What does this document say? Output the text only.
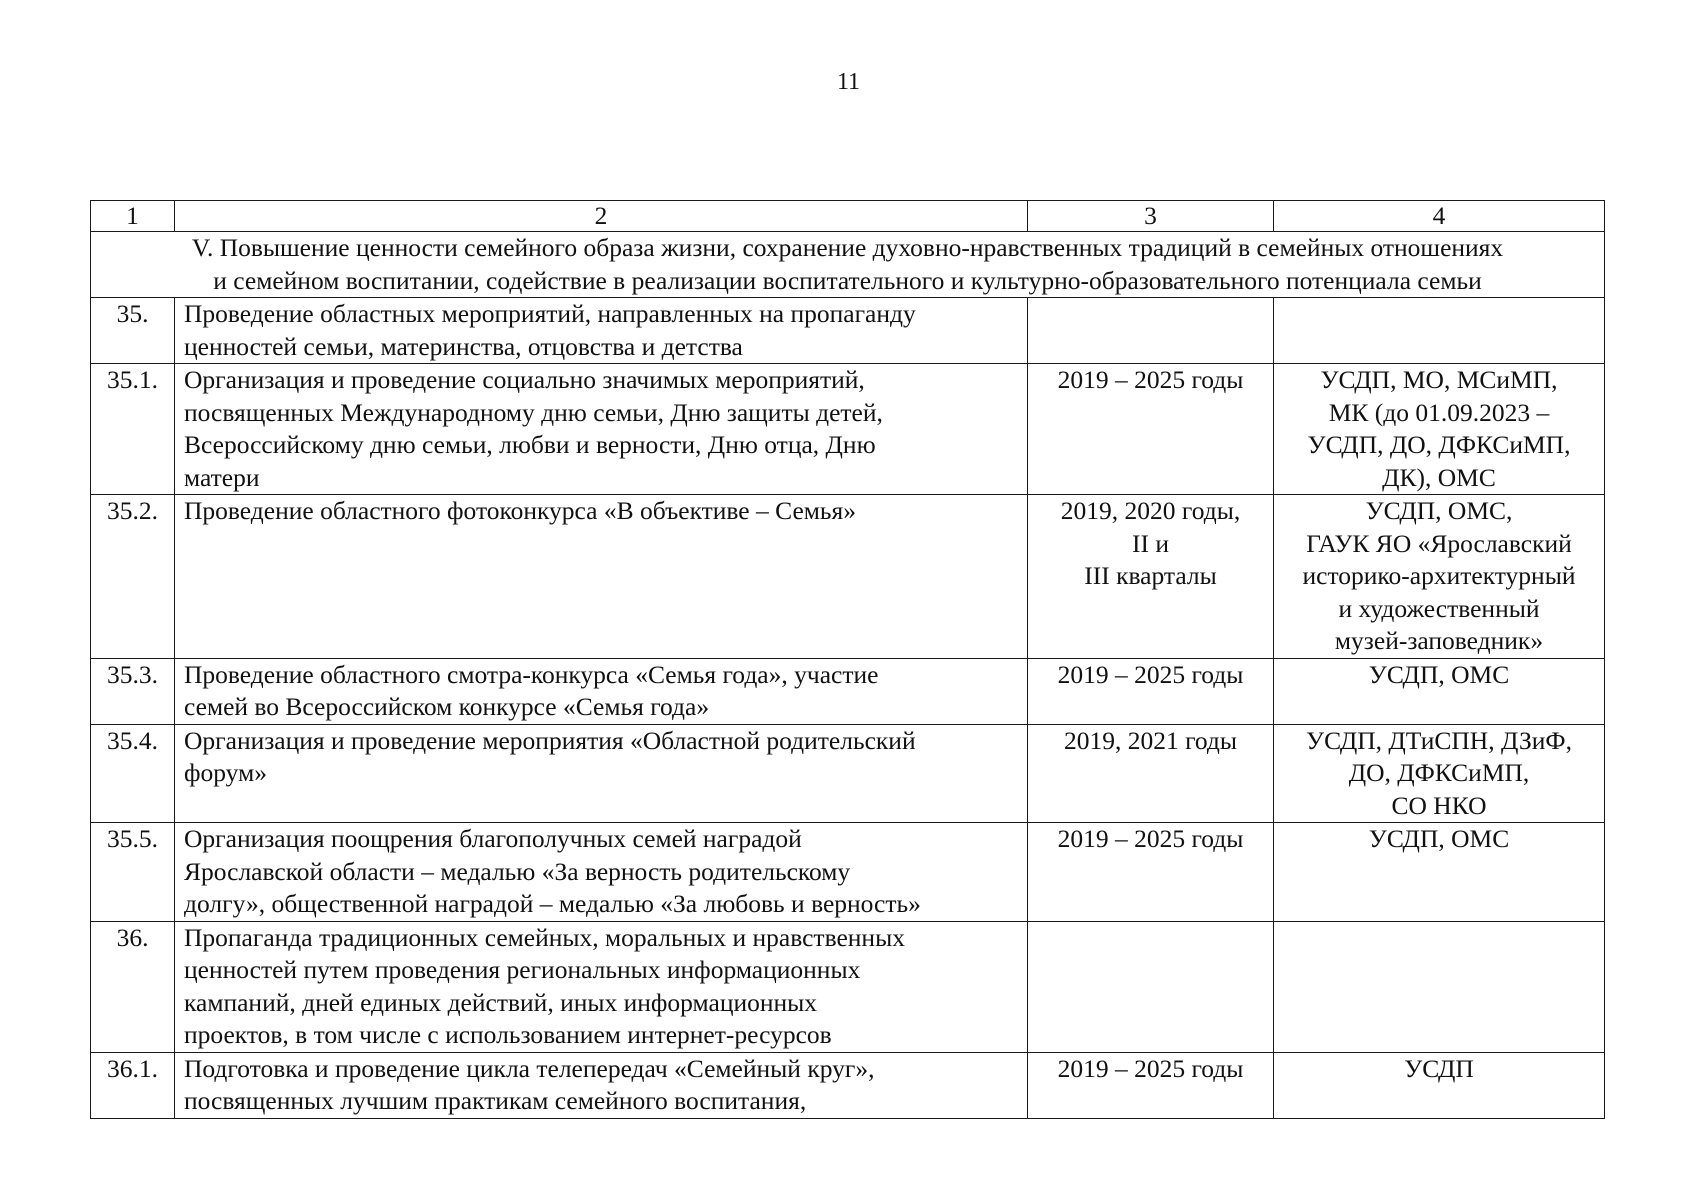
11
1	2	3	4

V. Повышение ценности семейного образа жизни, сохранение духовно-нравственных традиций в семейных отношениях
и семейном воспитании, содействие в реализации воспитательного и культурно-образовательного потенциала семьи			

35.	Проведение областных мероприятий, направленных на пропаганду
ценностей семьи, материнства, отцовства и детства		

35.1.	Организация и проведение социально значимых мероприятий,
посвященных Международному дню семьи, Дню защиты детей,
Всероссийскому дню семьи, любви и верности, Дню отца, Дню
матери	2019 – 2025 годы	УСДП, МО, МСиМП,
МК (до 01.09.2023 –
УСДП, ДО, ДФКСиМП,
ДК), ОМС

35.2.	Проведение областного фотоконкурса «В объективе – Семья»	2019, 2020 годы,
II и
III кварталы	УСДП, ОМС,
ГАУК ЯО «Ярославский
историко-архитектурный
и художественный
музей-заповедник»

35.3.	Проведение областного смотра-конкурса «Семья года», участие
семей во Всероссийском конкурсе «Семья года»	2019 – 2025 годы	УСДП, ОМС

35.4.	Организация и проведение мероприятия «Областной родительский
форум»	2019, 2021 годы	УСДП, ДТиСПН, ДЗиФ,
ДО, ДФКСиМП,
СО НКО

35.5.	Организация поощрения благополучных семей наградой
Ярославской области – медалью «За верность родительскому
долгу», общественной наградой – медалью «За любовь и верность»	2019 – 2025 годы	УСДП, ОМС

36.	Пропаганда традиционных семейных, моральных и нравственных
ценностей путем проведения региональных информационных
кампаний, дней единых действий, иных информационных
проектов, в том числе с использованием интернет-ресурсов		

36.1.	Подготовка и проведение цикла телепередач «Семейный круг»,
посвященных лучшим практикам семейного воспитания,	2019 – 2025 годы	УСДП
